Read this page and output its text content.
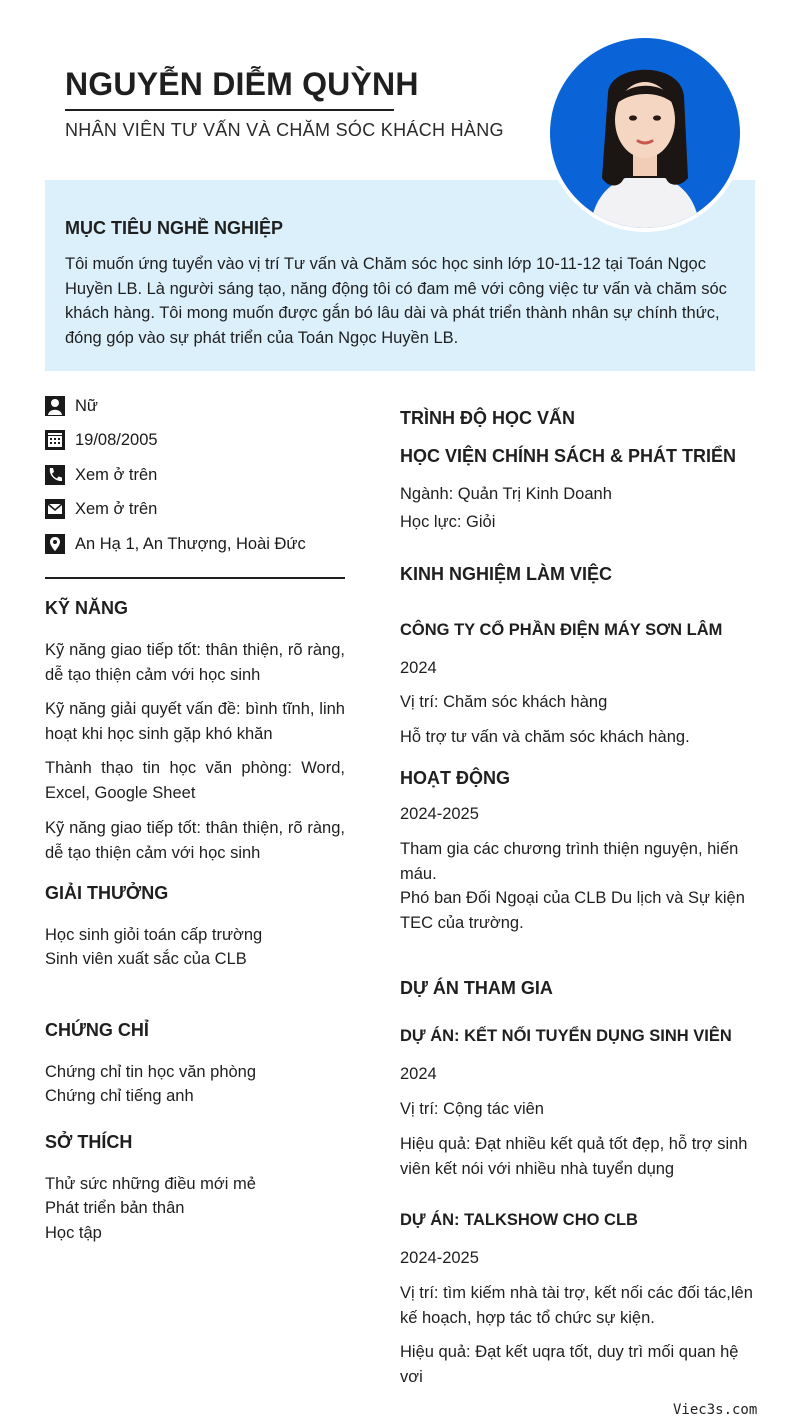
NGUYỄN DIỄM QUỲNH
NHÂN VIÊN TƯ VẤN VÀ CHĂM SÓC KHÁCH HÀNG
MỤC TIÊU NGHỀ NGHIỆP

Tôi muốn ứng tuyển vào vị trí Tư vấn và Chăm sóc học sinh lớp 10-11-12 tại Toán Ngọc Huyền LB. Là người sáng tạo, năng động tôi có đam mê với công việc tư vấn và chăm sóc khách hàng. Tôi mong muốn được gắn bó lâu dài và phát triển thành nhân sự chính thức, đóng góp vào sự phát triển của Toán Ngọc Huyền LB.

Nữ
19/08/2005
Xem ở trên
Xem ở trên
An Hạ 1, An Thượng, Hoài Đức
KỸ NĂNG
Kỹ năng giao tiếp tốt: thân thiện, rõ ràng, dễ tạo thiện cảm với học sinh
Kỹ năng giải quyết vấn đề: bình tĩnh, linh hoạt khi học sinh gặp khó khăn
Thành thạo tin học văn phòng: Word, Excel, Google Sheet
Kỹ năng giao tiếp tốt: thân thiện, rõ ràng, dễ tạo thiện cảm với học sinh
GIẢI THƯỞNG
Học sinh giỏi toán cấp trường
Sinh viên xuất sắc của CLB
CHỨNG CHỈ
Chứng chỉ tin học văn phòng
Chứng chỉ tiếng anh
SỞ THÍCH
Thử sức những điều mới mẻ
Phát triển bản thân
Học tập
TRÌNH ĐỘ HỌC VẤN
HỌC VIỆN CHÍNH SÁCH & PHÁT TRIỂN
Ngành: Quản Trị Kinh Doanh
Học lực: Giỏi
KINH NGHIỆM LÀM VIỆC
CÔNG TY CỔ PHẦN ĐIỆN MÁY SƠN LÂM
2024
Vị trí: Chăm sóc khách hàng
Hỗ trợ tư vấn và chăm sóc khách hàng.
HOẠT ĐỘNG
2024-2025
Tham gia các chương trình thiện nguyện, hiến máu.
Phó ban Đối Ngoại của CLB Du lịch và Sự kiện TEC của trường.
DỰ ÁN THAM GIA
DỰ ÁN: KẾT NỐI TUYỂN DỤNG SINH VIÊN
2024
Vị trí: Cộng tác viên
Hiệu quả: Đạt nhiều kết quả tốt đẹp, hỗ trợ sinh viên kết nói với nhiều nhà tuyển dụng
DỰ ÁN: TALKSHOW CHO CLB
2024-2025
Vị trí: tìm kiếm nhà tài trợ, kết nối các đối tác,lên kế hoạch, hợp tác tổ chức sự kiện.
Hiệu quả: Đạt kết uqra tốt, duy trì mối quan hệ vơi
Viec3s.com
